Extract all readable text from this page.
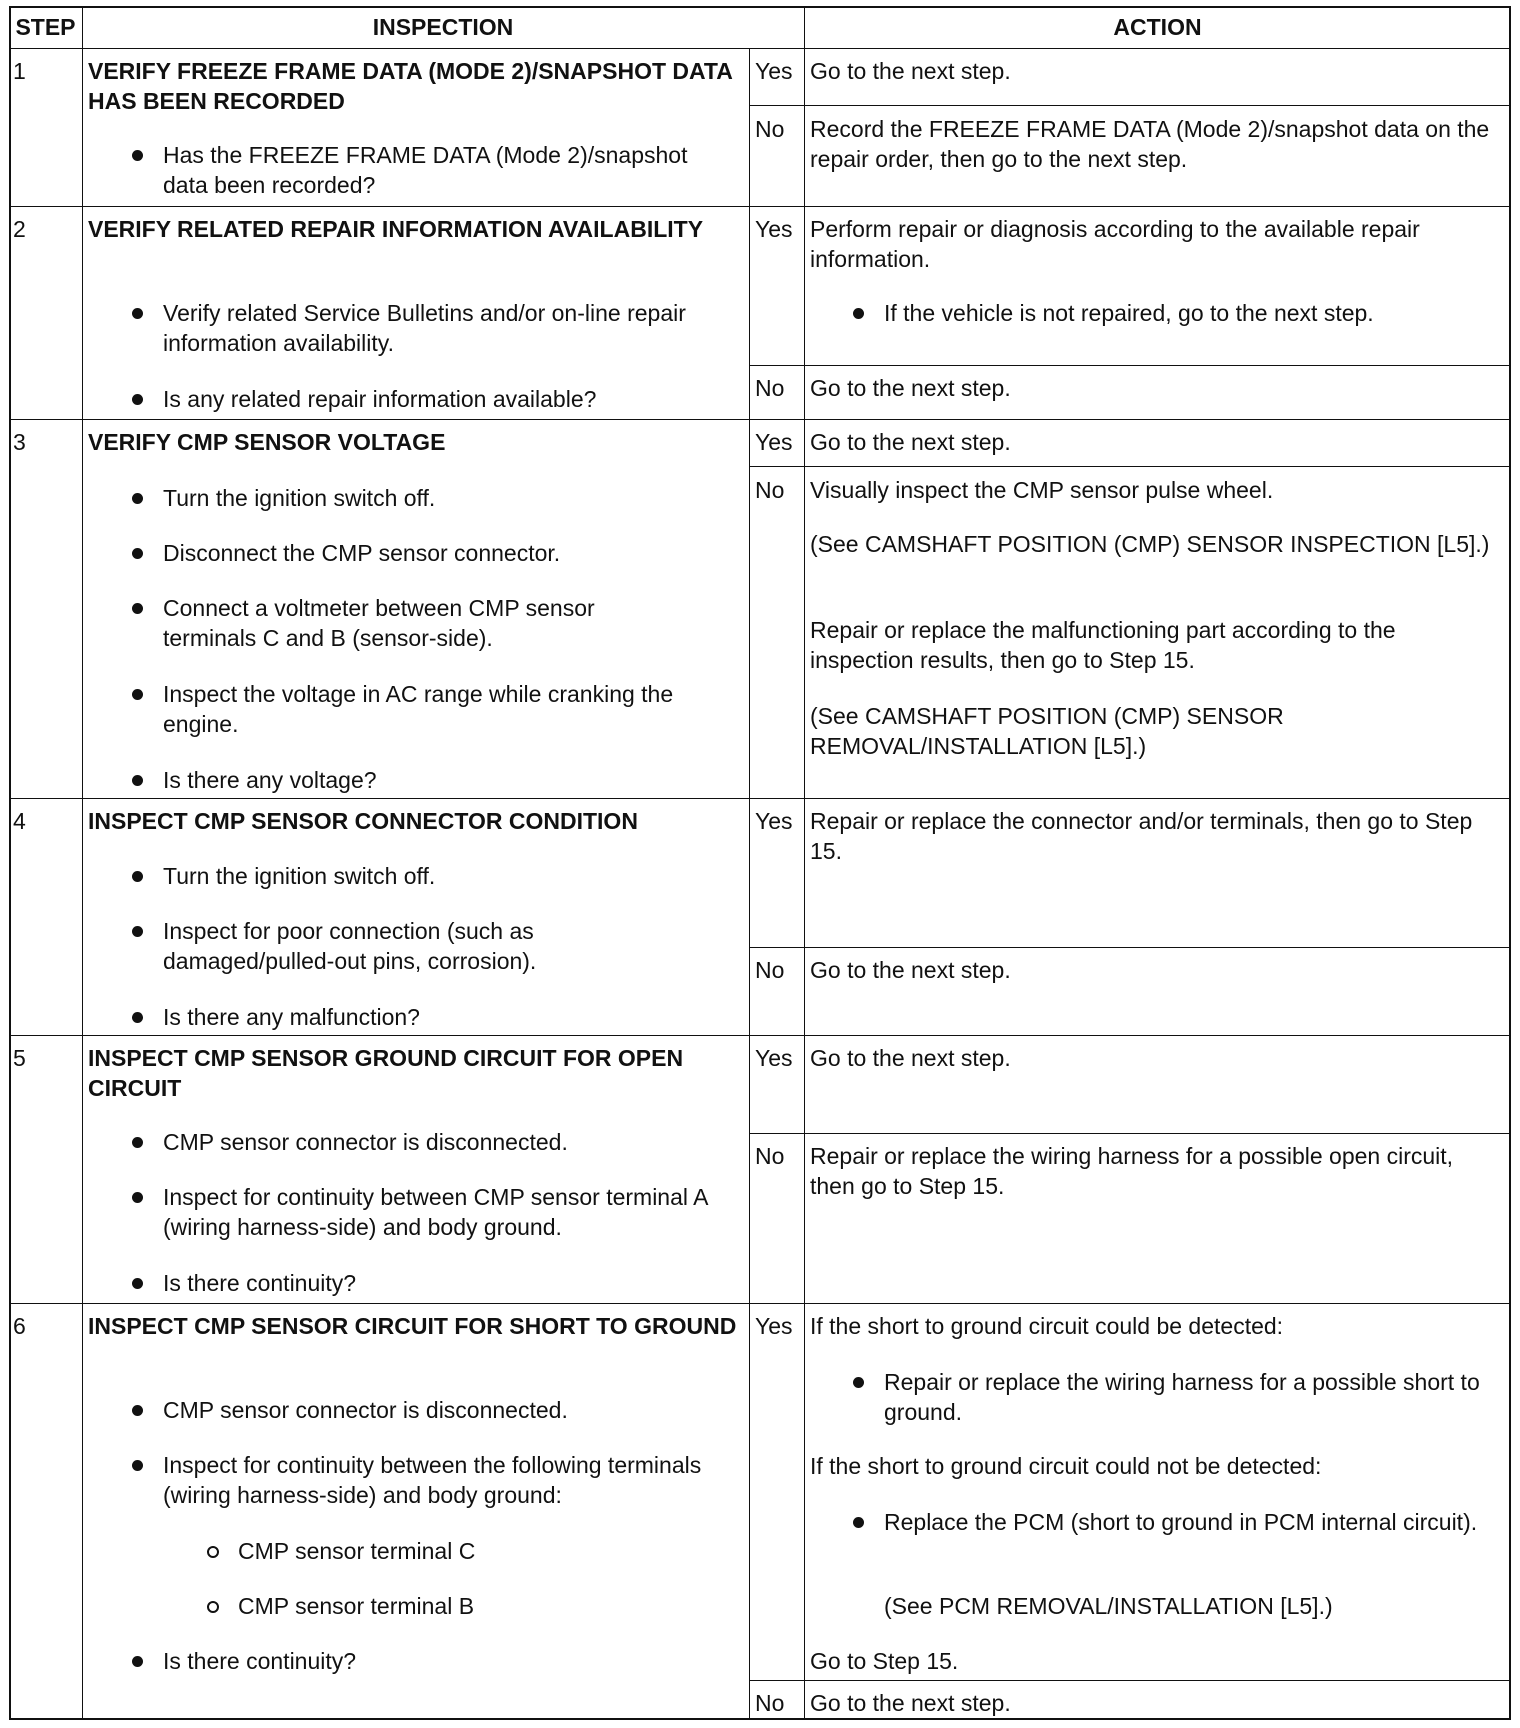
STEP	INSPECTION	ACTION
1	VERIFY FREEZE FRAME DATA (MODE 2)/SNAPSHOT DATA HAS BEEN RECORDED
Has the FREEZE FRAME DATA (Mode 2)/snapshot data been recorded?
Yes Go to the next step.
No Record the FREEZE FRAME DATA (Mode 2)/snapshot data on the repair order, then go to the next step.
2	VERIFY RELATED REPAIR INFORMATION AVAILABILITY
Verify related Service Bulletins and/or on-line repair information availability.
Is any related repair information available?
Yes Perform repair or diagnosis according to the available repair information.
If the vehicle is not repaired, go to the next step.
No Go to the next step.
3	VERIFY CMP SENSOR VOLTAGE
Turn the ignition switch off.
Disconnect the CMP sensor connector.
Connect a voltmeter between CMP sensor terminals C and B (sensor-side).
Inspect the voltage in AC range while cranking the engine.
Is there any voltage?
Yes Go to the next step.
No Visually inspect the CMP sensor pulse wheel.
(See CAMSHAFT POSITION (CMP) SENSOR INSPECTION [L5].)
Repair or replace the malfunctioning part according to the inspection results, then go to Step 15.
(See CAMSHAFT POSITION (CMP) SENSOR REMOVAL/INSTALLATION [L5].)
4	INSPECT CMP SENSOR CONNECTOR CONDITION
Turn the ignition switch off.
Inspect for poor connection (such as damaged/pulled-out pins, corrosion).
Is there any malfunction?
Yes Repair or replace the connector and/or terminals, then go to Step 15.
No Go to the next step.
5	INSPECT CMP SENSOR GROUND CIRCUIT FOR OPEN CIRCUIT
CMP sensor connector is disconnected.
Inspect for continuity between CMP sensor terminal A (wiring harness-side) and body ground.
Is there continuity?
Yes Go to the next step.
No Repair or replace the wiring harness for a possible open circuit, then go to Step 15.
6	INSPECT CMP SENSOR CIRCUIT FOR SHORT TO GROUND
CMP sensor connector is disconnected.
Inspect for continuity between the following terminals (wiring harness-side) and body ground:
CMP sensor terminal C
CMP sensor terminal B
Is there continuity?
Yes If the short to ground circuit could be detected:
Repair or replace the wiring harness for a possible short to ground.
If the short to ground circuit could not be detected:
Replace the PCM (short to ground in PCM internal circuit).
(See PCM REMOVAL/INSTALLATION [L5].)
Go to Step 15.
No Go to the next step.
